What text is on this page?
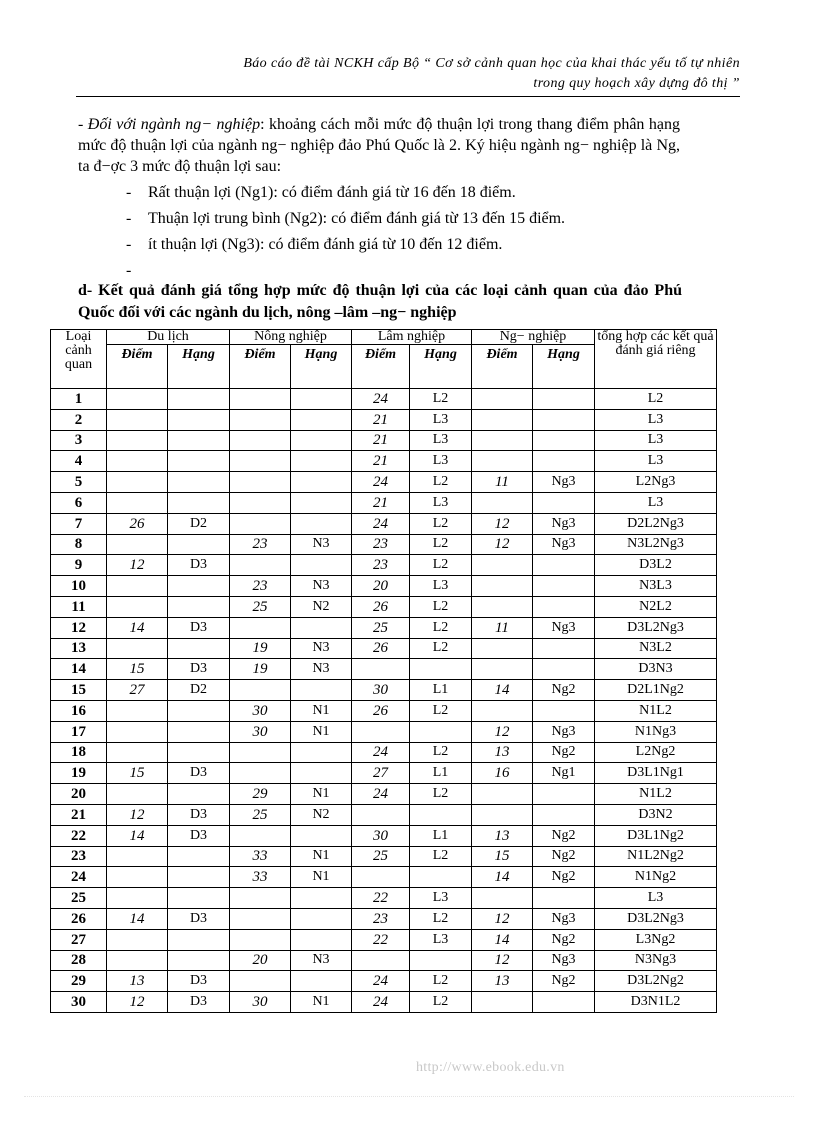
Báo cáo đề tài NCKH cấp Bộ “ Cơ sở cảnh quan học của khai thác yếu tố tự nhiên
trong quy hoạch xây dựng đô thị ”
- Đối với ngành ng− nghiệp: khoảng cách mỗi mức độ thuận lợi trong thang điểm phân hạng mức độ thuận lợi của ngành ng− nghiệp đảo Phú Quốc là 2. Ký hiệu ngành ng− nghiệp là Ng, ta đ−ợc 3 mức độ thuận lợi sau:
- Rất thuận lợi (Ng1): có điểm đánh giá từ 16 đến 18 điểm.
- Thuận lợi trung bình (Ng2): có điểm đánh giá từ 13 đến 15 điểm.
- ít thuận lợi (Ng3): có điểm đánh giá từ 10 đến 12 điểm.
-
d- Kết quả đánh giá tổng hợp mức độ thuận lợi của các loại cảnh quan của đảo Phú Quốc đối với các ngành du lịch, nông –lâm –ng− nghiệp
Loại cảnh quan	Du lịch		Nông nghiệp		Lâm nghiệp		Ng− nghiệp		tổng hợp các kết quả đánh giá riêng
	Điểm	Hạng	Điểm	Hạng	Điểm	Hạng	Điểm	Hạng	
1					24	L2			L2
2					21	L3			L3
3					21	L3			L3
4					21	L3			L3
5					24	L2	11	Ng3	L2Ng3
6					21	L3			L3
7	26	D2			24	L2	12	Ng3	D2L2Ng3
8			23	N3	23	L2	12	Ng3	N3L2Ng3
9	12	D3			23	L2			D3L2
10			23	N3	20	L3			N3L3
11			25	N2	26	L2			N2L2
12	14	D3			25	L2	11	Ng3	D3L2Ng3
13			19	N3	26	L2			N3L2
14	15	D3	19	N3					D3N3
15	27	D2			30	L1	14	Ng2	D2L1Ng2
16			30	N1	26	L2			N1L2
17			30	N1			12	Ng3	N1Ng3
18					24	L2	13	Ng2	L2Ng2
19	15	D3			27	L1	16	Ng1	D3L1Ng1
20			29	N1	24	L2			N1L2
21	12	D3	25	N2					D3N2
22	14	D3			30	L1	13	Ng2	D3L1Ng2
23			33	N1	25	L2	15	Ng2	N1L2Ng2
24			33	N1			14	Ng2	N1Ng2
25					22	L3			L3
26	14	D3			23	L2	12	Ng3	D3L2Ng3
27					22	L3	14	Ng2	L3Ng2
28			20	N3			12	Ng3	N3Ng3
29	13	D3			24	L2	13	Ng2	D3L2Ng2
30	12	D3	30	N1	24	L2			D3N1L2
http://www.ebook.edu.vn
